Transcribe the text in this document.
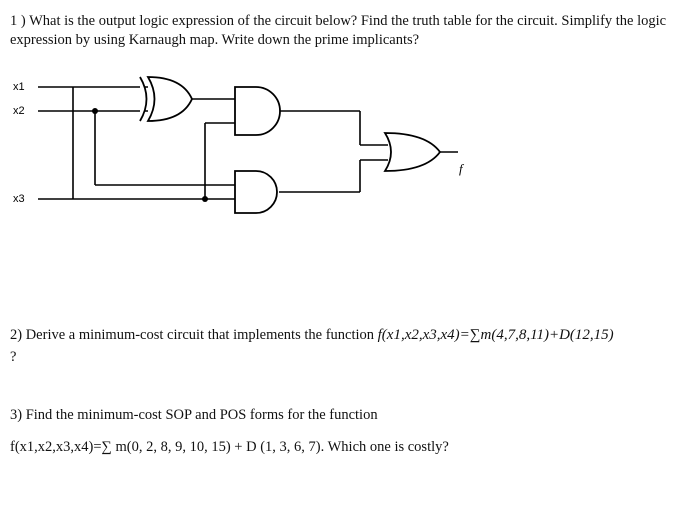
1 ) What is the output logic expression of the circuit below? Find the truth table for the circuit. Simplify the logic expression by using Karnaugh map. Write down the prime implicants?
x1
x2
x3
f
2) Derive a minimum-cost circuit that implements the function f(x1,x2,x3,x4)=∑m(4,7,8,11)+D(12,15)
?
3) Find the minimum-cost SOP and POS forms for the function
f(x1,x2,x3,x4)=∑ m(0, 2, 8, 9, 10, 15) + D (1, 3, 6, 7). Which one is costly?
